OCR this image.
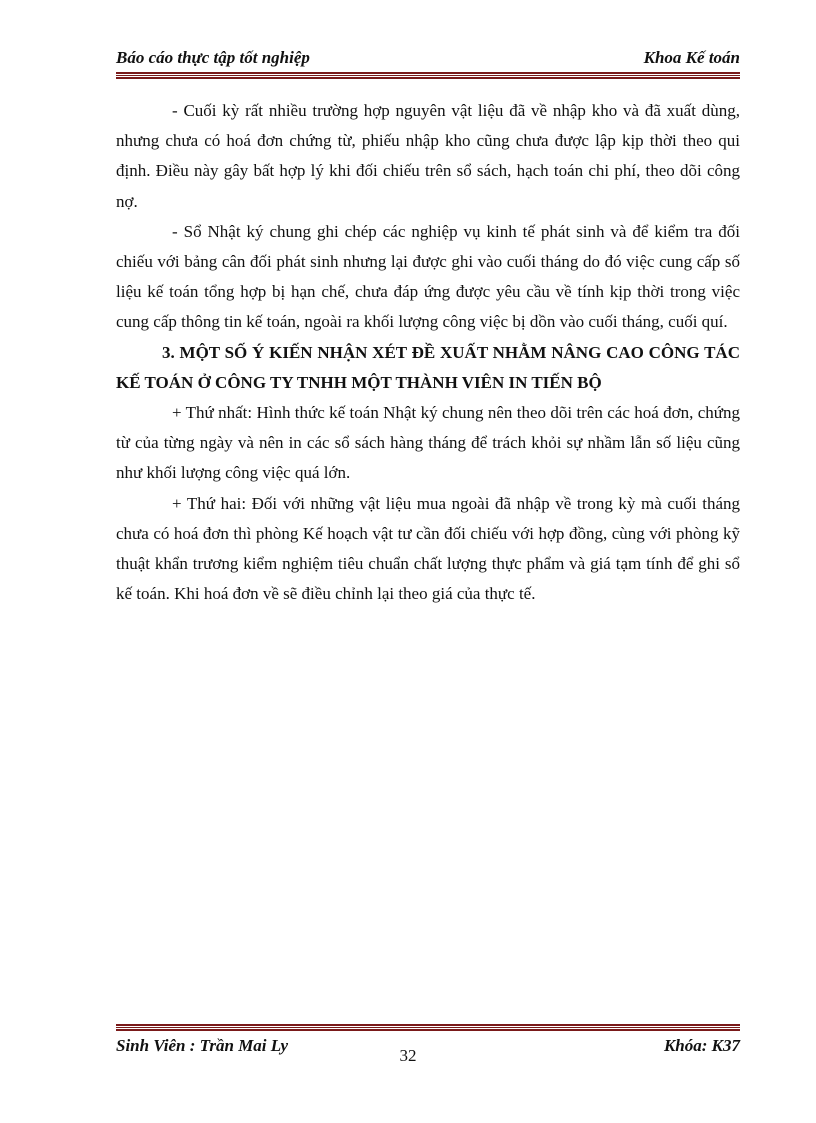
Báo cáo thực tập tốt nghiệp	Khoa Kế toán

- Cuối kỳ rất nhiều trường hợp nguyên vật liệu đã về nhập kho và đã xuất dùng, nhưng chưa có hoá đơn chứng từ, phiếu nhập kho cũng chưa được lập kịp thời theo qui định. Điều này gây bất hợp lý khi đối chiếu trên sổ sách, hạch toán chi phí, theo dõi công nợ.

- Sổ Nhật ký chung ghi chép các nghiệp vụ kinh tế phát sinh và để kiểm tra đối chiếu với bảng cân đối phát sinh nhưng lại được ghi vào cuối tháng do đó việc cung cấp số liệu kế toán tổng hợp bị hạn chế, chưa đáp ứng được yêu cầu về tính kịp thời trong việc cung cấp thông tin kế toán, ngoài ra khối lượng công việc bị dồn vào cuối tháng, cuối quí.

3. MỘT SỐ Ý KIẾN NHẬN XÉT ĐỀ XUẤT NHẰM NÂNG CAO CÔNG TÁC KẾ TOÁN Ở CÔNG TY TNHH MỘT THÀNH VIÊN IN TIẾN BỘ

+ Thứ nhất: Hình thức kế toán Nhật ký chung nên theo dõi trên các hoá đơn, chứng từ của từng ngày và nên in các sổ sách hàng tháng để trách khỏi sự nhầm lẫn số liệu cũng như khối lượng công việc quá lớn.

+ Thứ hai: Đối với những vật liệu mua ngoài đã nhập về trong kỳ mà cuối tháng chưa có hoá đơn thì phòng Kế hoạch vật tư cần đối chiếu với hợp đồng, cùng với phòng kỹ thuật khẩn trương kiểm nghiệm tiêu chuẩn chất lượng thực phẩm và giá tạm tính để ghi sổ kế toán. Khi hoá đơn về sẽ điều chỉnh lại theo giá của thực tế.

Sinh Viên : Trần Mai Ly	Khóa: K37
32
